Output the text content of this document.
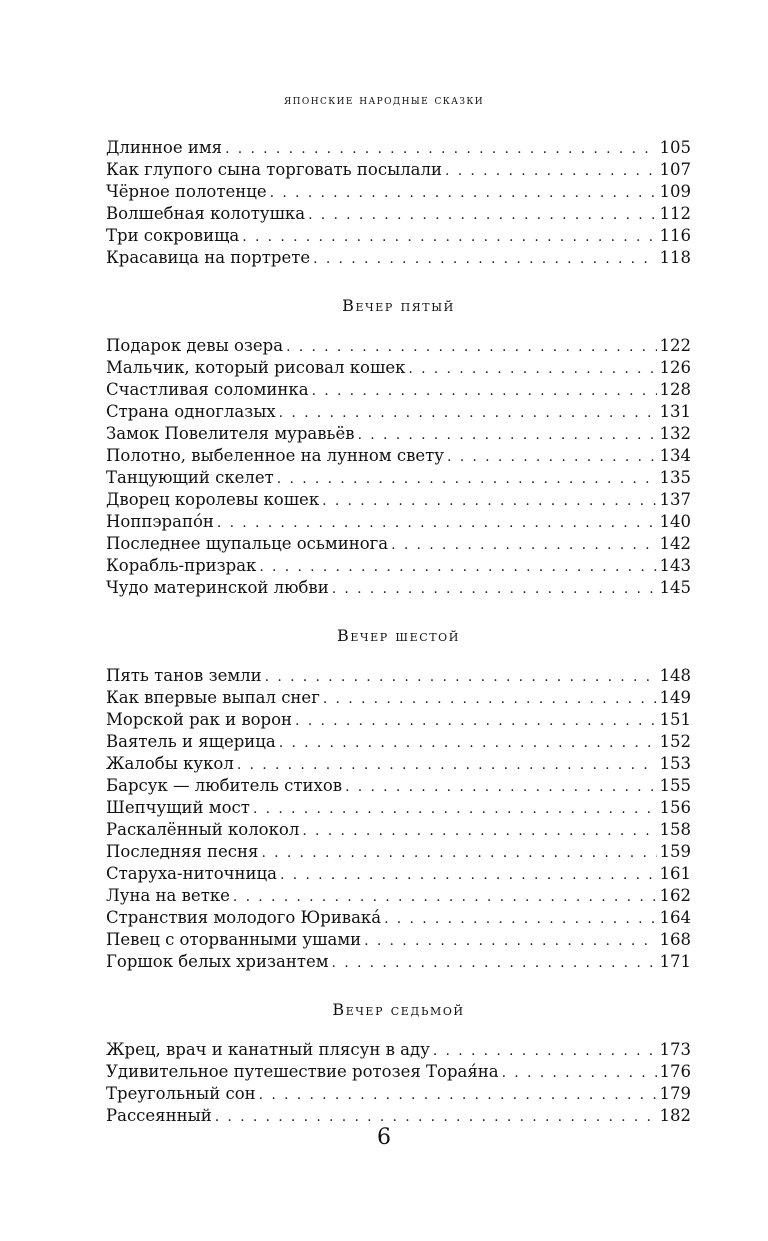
японские народные сказки
Длинное имя . . .	105
Как глупого сына торговать посылали . . .	107
Чёрное полотенце . . .	109
Волшебная колотушка . . .	112
Три сокровища . . .	116
Красавица на портрете . . .	118
Вечер пятый
Подарок девы озера . . .	122
Мальчик, который рисовал кошек . . .	126
Счастливая соломинка . . .	128
Страна одноглазых . . .	131
Замок Повелителя муравьёв . . .	132
Полотно, выбеленное на лунном свету . . .	134
Танцующий скелет . . .	135
Дворец королевы кошек . . .	137
Ноппэрапóн . . .	140
Последнее щупальце осьминога . . .	142
Корабль-призрак . . .	143
Чудо материнской любви . . .	145
Вечер шестой
Пять танов земли . . .	148
Как впервые выпал снег . . .	149
Морской рак и ворон . . .	151
Ваятель и ящерица . . .	152
Жалобы кукол . . .	153
Барсук — любитель стихов . . .	155
Шепчущий мост . . .	156
Раскалённый колокол . . .	158
Последняя песня . . .	159
Старуха-ниточница . . .	161
Луна на ветке . . .	162
Странствия молодого Юривакá . . .	164
Певец с оторванными ушами . . .	168
Горшок белых хризантем . . .	171
Вечер седьмой
Жрец, врач и канатный плясун в аду . . .	173
Удивительное путешествие ротозея Торая́на . . .	176
Треугольный сон . . .	179
Рассеянный . . .	182
6
